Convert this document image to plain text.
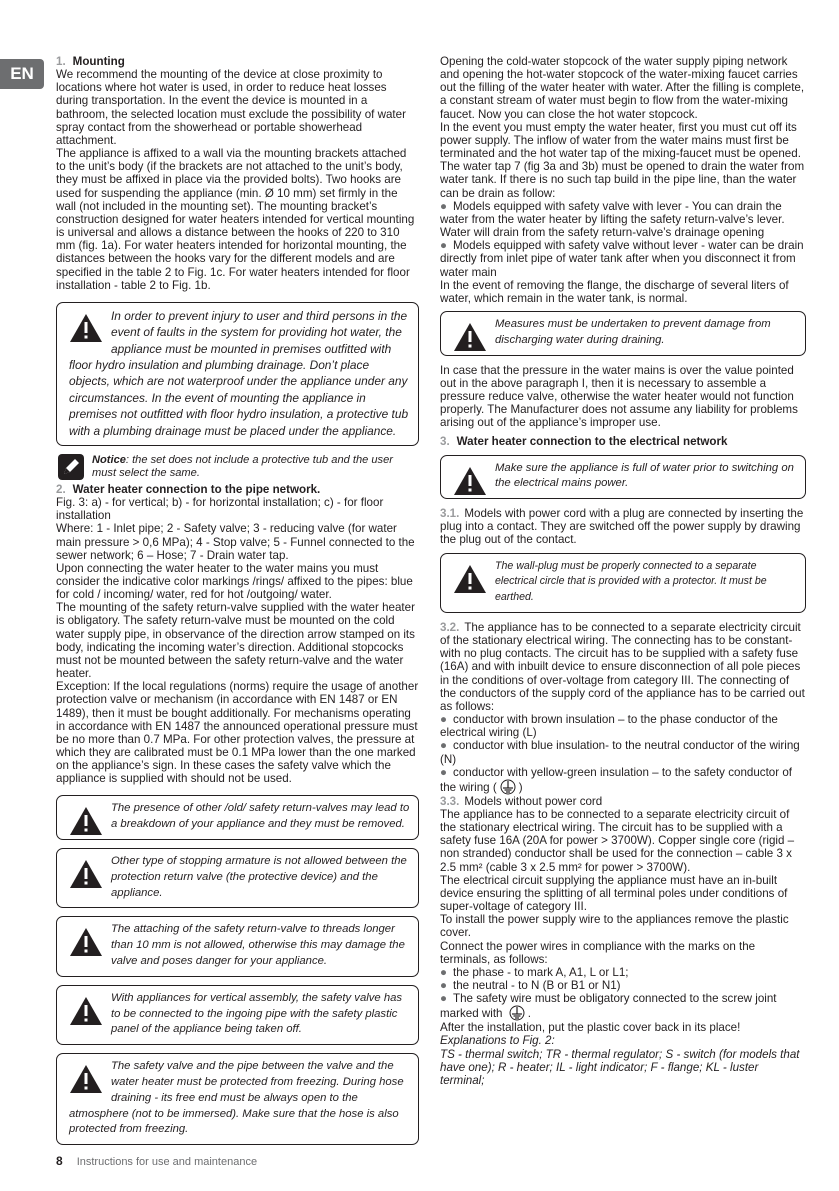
EN

1. Mounting

We recommend the mounting of the device at close proximity to locations where hot water is used, in order to reduce heat losses during transportation. In the event the device is mounted in a bathroom, the selected location must exclude the possibility of water spray contact from the showerhead or portable showerhead attachment.

The appliance is affixed to a wall via the mounting brackets attached to the unit’s body (if the brackets are not attached to the unit’s body, they must be affixed in place via the provided bolts). Two hooks are used for suspending the appliance (min. Ø 10 mm) set firmly in the wall (not included in the mounting set). The mounting bracket’s construction designed for water heaters intended for vertical mounting is universal and allows a distance between the hooks of 220 to 310 mm (fig. 1a). For water heaters intended for horizontal mounting, the distances between the hooks vary for the different models and are specified in the table 2 to Fig. 1c. For water heaters intended for floor installation - table 2 to Fig. 1b.

In order to prevent injury to user and third persons in the event of faults in the system for providing hot water, the appliance must be mounted in premises outfitted with floor hydro insulation and plumbing drainage. Don’t place objects, which are not waterproof under the appliance under any circumstances. In the event of mounting the appliance in premises not outfitted with floor hydro insulation, a protective tub with a plumbing drainage must be placed under the appliance.
Notice: the set does not include a protective tub and the user must select the same.

2. Water heater connection to the pipe network.

Fig. 3: a) - for vertical; b) - for horizontal installation; c) - for floor installation

Where: 1 - Inlet pipe; 2 - Safety valve; 3 - reducing valve (for water main pressure > 0,6 MPa); 4 - Stop valve; 5 - Funnel connected to the sewer network; 6 – Hose; 7 - Drain water tap.

Upon connecting the water heater to the water mains you must consider the indicative color markings /rings/ affixed to the pipes: blue for cold / incoming/ water, red for hot /outgoing/ water.

The mounting of the safety return-valve supplied with the water heater is obligatory. The safety return-valve must be mounted on the cold water supply pipe, in observance of the direction arrow stamped on its body, indicating the incoming water’s direction. Additional stopcocks must not be mounted between the safety return-valve and the water heater.

Exception: If the local regulations (norms) require the usage of another protection valve or mechanism (in accordance with EN 1487 or EN 1489), then it must be bought additionally. For mechanisms operating in accordance with EN 1487 the announced operational pressure must be no more than 0.7 MPa. For other protection valves, the pressure at which they are calibrated must be 0.1 MPa lower than the one marked on the appliance’s sign. In these cases the safety valve which the appliance is supplied with should not be used.

The presence of other /old/ safety return-valves may lead to a breakdown of your appliance and they must be removed.
Other type of stopping armature is not allowed between the protection return valve (the protective device) and the appliance.
The attaching of the safety return-valve to threads longer than 10 mm is not allowed, otherwise this may damage the valve and poses danger for your appliance.
With appliances for vertical assembly, the safety valve has to be connected to the ingoing pipe with the safety plastic panel of the appliance being taken off.
The safety valve and the pipe between the valve and the water heater must be protected from freezing. During hose draining - its free end must be always open to the atmosphere (not to be immersed). Make sure that the hose is also protected from freezing.

Opening the cold-water stopcock of the water supply piping network and opening the hot-water stopcock of the water-mixing faucet carries out the filling of the water heater with water. After the filling is complete, a constant stream of water must begin to flow from the water-mixing faucet. Now you can close the hot water stopcock.

In the event you must empty the water heater, first you must cut off its power supply. The inflow of water from the water mains must first be terminated and the hot water tap of the mixing-faucet must be opened. The water tap 7 (fig 3a and 3b) must be opened to drain the water from water tank. If there is no such tap build in the pipe line, than the water can be drain as follow:

● Models equipped with safety valve with lever - You can drain the water from the water heater by lifting the safety return-valve’s lever. Water will drain from the safety return-valve’s drainage opening

● Models equipped with safety valve without lever - water can be drain directly from inlet pipe of water tank after when you disconnect it from water main

In the event of removing the flange, the discharge of several liters of water, which remain in the water tank, is normal.

Measures must be undertaken to prevent damage from discharging water during draining.

In case that the pressure in the water mains is over the value pointed out in the above paragraph I, then it is necessary to assemble a pressure reduce valve, otherwise the water heater would not function properly. The Manufacturer does not assume any liability for problems arising out of the appliance’s improper use.

3. Water heater connection to the electrical network

Make sure the appliance is full of water prior to switching on the electrical mains power.

3.1. Models with power cord with a plug are connected by inserting the plug into a contact. They are switched off the power supply by drawing the plug out of the contact.

The wall-plug must be properly connected to a separate electrical circle that is provided with a protector. It must be earthed.

3.2. The appliance has to be connected to a separate electricity circuit of the stationary electrical wiring. The connecting has to be constant- with no plug contacts. The circuit has to be supplied with a safety fuse (16A) and with inbuilt device to ensure disconnection of all pole pieces in the conditions of over-voltage from category III. The connecting of the conductors of the supply cord of the appliance has to be carried out as follows:

● conductor with brown insulation – to the phase conductor of the electrical wiring (L)

● conductor with blue insulation- to the neutral conductor of the wiring (N)

● conductor with yellow-green insulation – to the safety conductor of the wiring ( )

3.3. Models without power cord

The appliance has to be connected to a separate electricity circuit of the stationary electrical wiring. The circuit has to be supplied with a safety fuse 16A (20A for power > 3700W). Copper single core (rigid – non stranded) conductor shall be used for the connection – cable 3 x 2.5 mm² (cable 3 x 2.5 mm² for power > 3700W).

The electrical circuit supplying the appliance must have an in-built device ensuring the splitting of all terminal poles under conditions of super-voltage of category III.

To install the power supply wire to the appliances remove the plastic cover.

Connect the power wires in compliance with the marks on the terminals, as follows:

● the phase - to mark A, A1, L or L1;

● the neutral - to N (B or B1 or N1)

● The safety wire must be obligatory connected to the screw joint marked with .

After the installation, put the plastic cover back in its place!

Explanations to Fig. 2:

TS - thermal switch; TR - thermal regulator; S - switch (for models that have one); R - heater; IL - light indicator; F - flange; KL - luster terminal;

8 Instructions for use and maintenance
